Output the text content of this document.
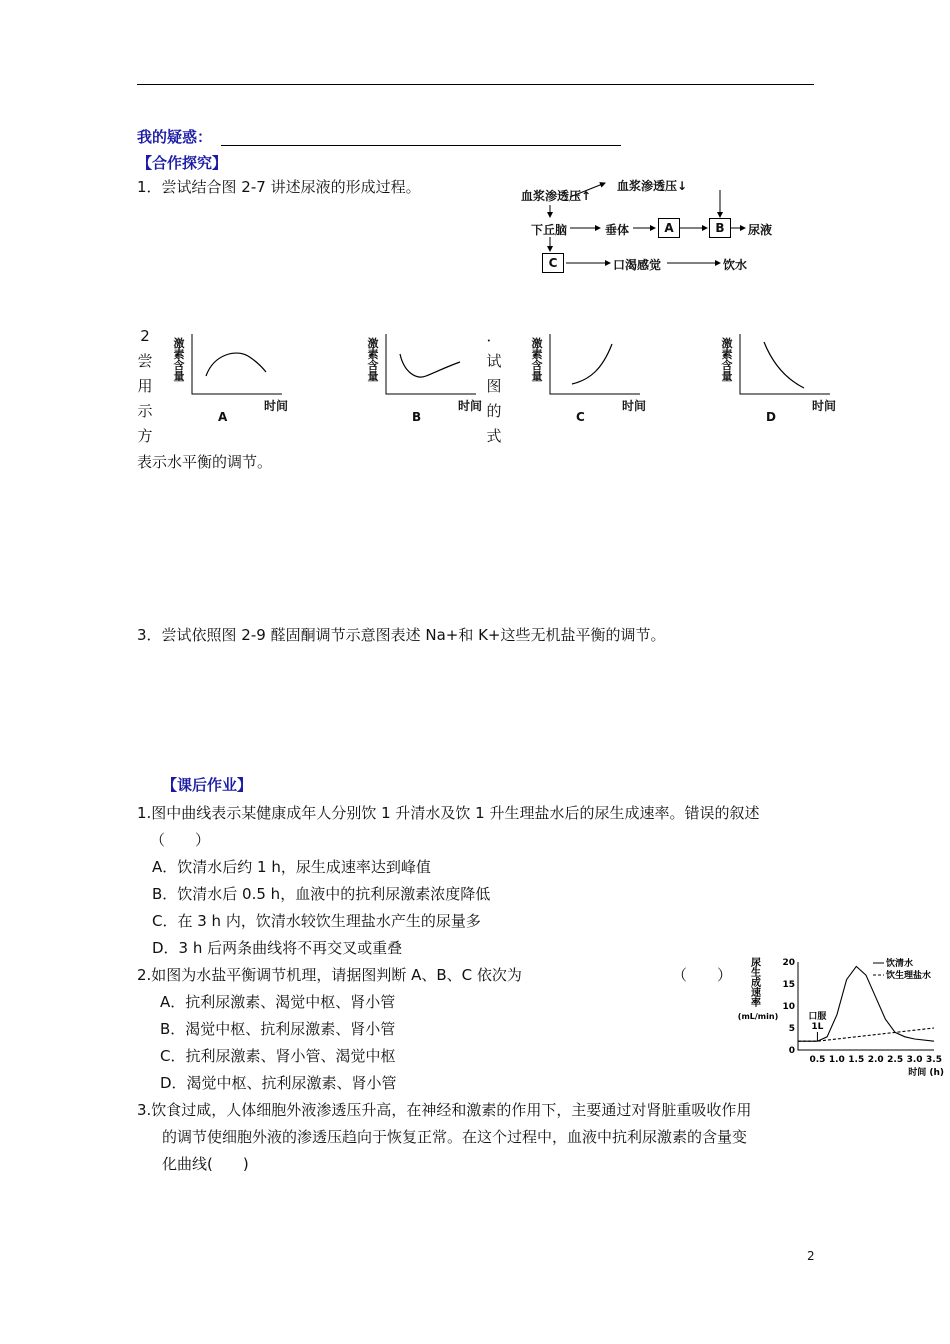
我的疑惑：
【合作探究】
1．尝试结合图 2-7 讲述尿液的形成过程。	血浆渗透压↑
血浆渗透压↓
下丘脑	垂体	A	B	尿液
C	口渴感觉	饮水
2
尝
用
示
方
．
试
图
的
式
表示水平衡的调节。
激素含量
时间
A
激素含量
时间
B
激素含量
时间
C
激素含量
时间
D
3．尝试依照图 2-9 醛固酮调节示意图表述 Na+和 K+这些无机盐平衡的调节。
【课后作业】
1.图中曲线表示某健康成年人分别饮 1 升清水及饮 1 升生理盐水后的尿生成速率。错误的叙述
（　　）
A．饮清水后约 1 h，尿生成速率达到峰值
B．饮清水后 0.5 h，血液中的抗利尿激素浓度降低
C．在 3 h 内，饮清水较饮生理盐水产生的尿量多
D．3 h 后两条曲线将不再交叉或重叠
2.如图为水盐平衡调节机理，请据图判断 A、B、C 依次为	（　　）
A．抗利尿激素、渴觉中枢、肾小管
B．渴觉中枢、抗利尿激素、肾小管
C．抗利尿激素、肾小管、渴觉中枢
D．渴觉中枢、抗利尿激素、肾小管
3.饮食过咸，人体细胞外液渗透压升高，在神经和激素的作用下，主要通过对肾脏重吸收作用
的调节使细胞外液的渗透压趋向于恢复正常。在这个过程中，血液中抗利尿激素的含量变
化曲线(　　)
尿
生
成
速
率
(mL/min)
0
5
10
15
20
0.5 1.0 1.5 2.0 2.5 3.0 3.5
时间 (h)
口服
1L
饮清水
饮生理盐水
2
